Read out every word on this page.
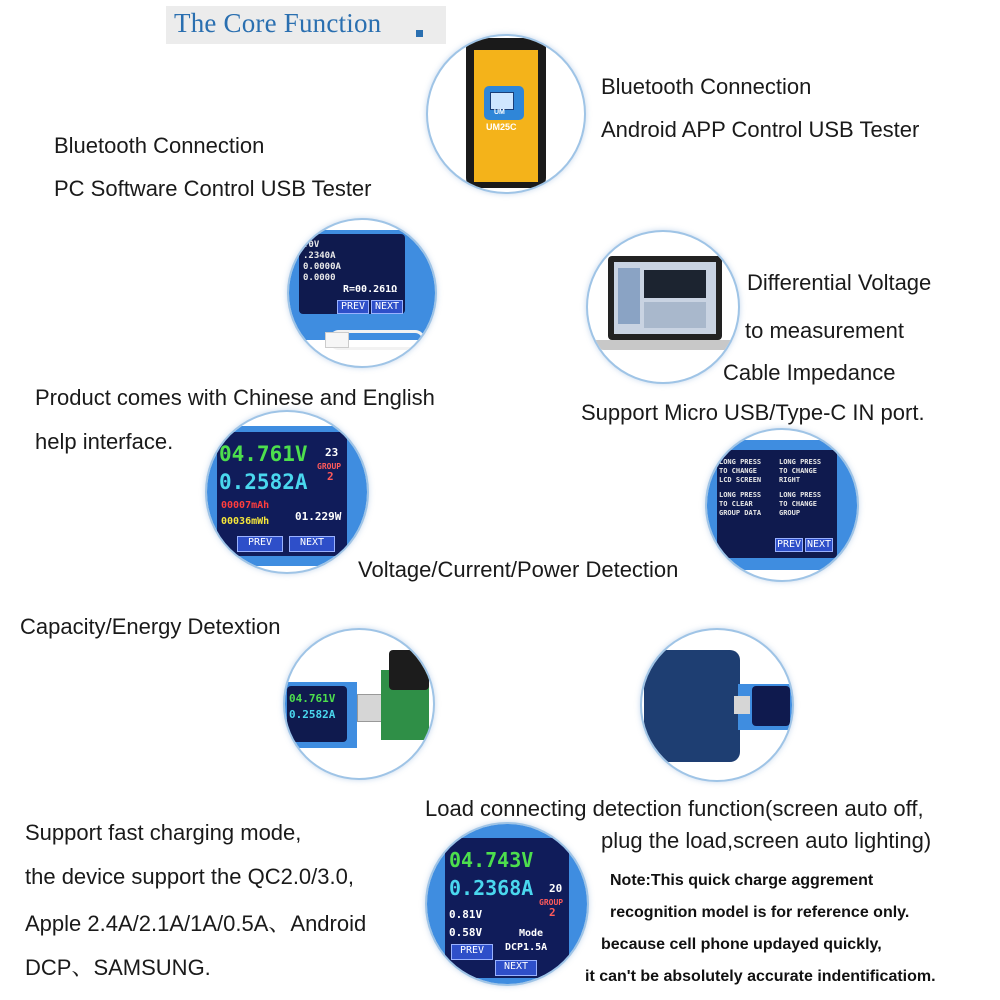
The Core Function
UM
UM25C
Bluetooth Connection
Android APP Control USB Tester
Bluetooth Connection
PC Software Control USB Tester
.0V
.2340A
0.0000A
0.0000
R=00.261Ω
PREV NEXT
Differential Voltage
to measurement
Cable Impedance
Support Micro USB/Type-C IN port.
Product comes with Chinese and English
help interface. 04.761V 23
GROUP
2
0.2582A
00007mAh
00036mWh 01.229W
PREV	NEXT
LONG PRESS
TO CHANGE
LCD SCREEN
LONG PRESS
TO CLEAR
GROUP DATA
LONG PRESS
TO CHANGE
RIGHT
LONG PRESS
TO CHANGE
GROUP
PREV NEXT
Voltage/Current/Power Detection
Capacity/Energy Detextion
04.761V
0.2582A
Load connecting detection function(screen auto off,
plug the load,screen auto lighting)
Support fast charging mode,
the device support the QC2.0/3.0,
Apple 2.4A/2.1A/1A/0.5A、Android
DCP、SAMSUNG.
04.743V
20
0.2368A
GROUP
2
0.81V
0.58V	Mode
DCP1.5A
PREV
NEXT
Note:This quick charge aggrement
recognition model is for reference only.
because cell phone updayed quickly,
it can't be absolutely accurate indentificatiom.
